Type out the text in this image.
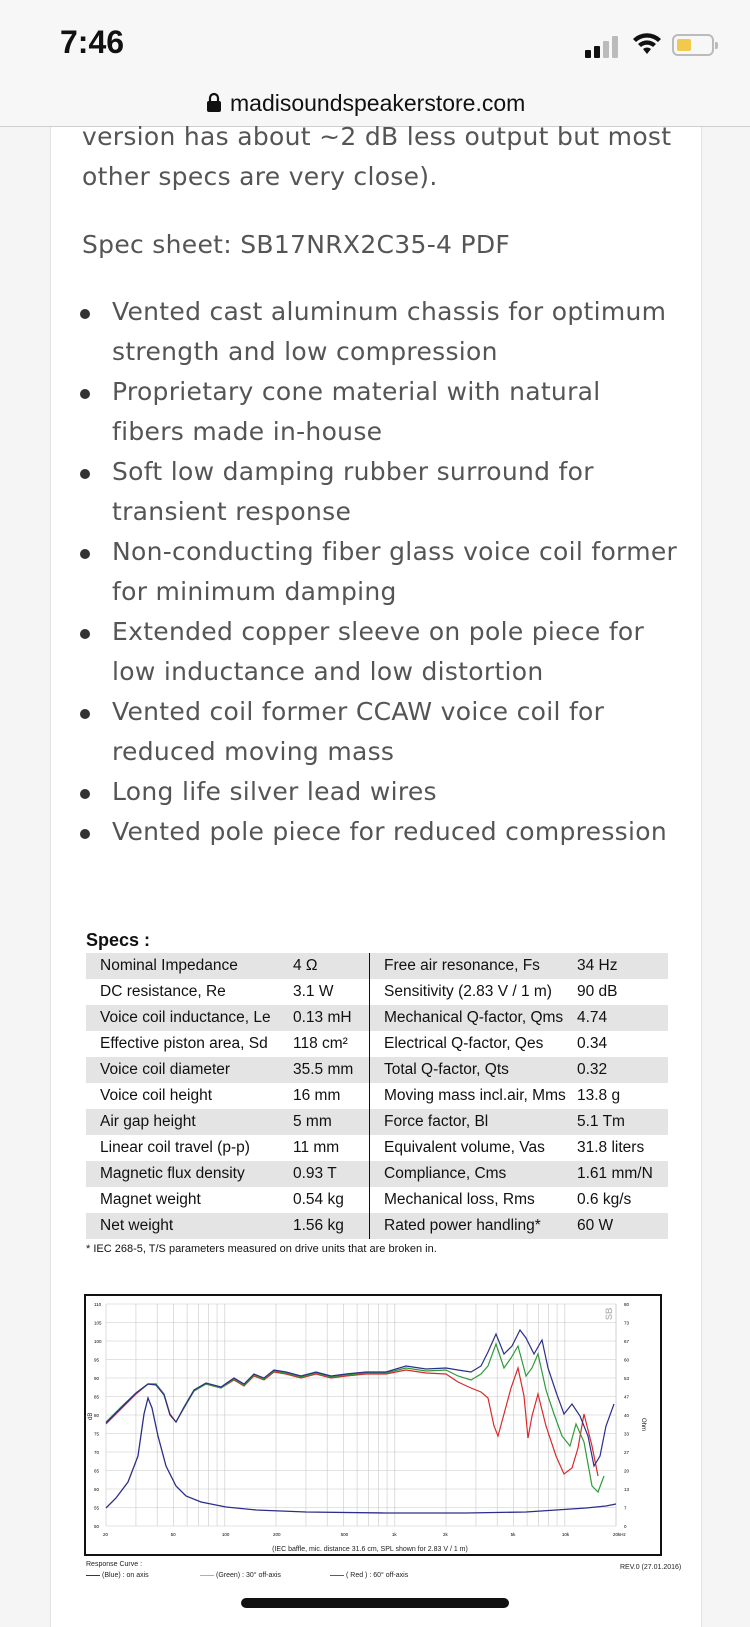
7:46
madisoundspeakerstore.com
version has about ~2 dB less output but most
other specs are very close).
Spec sheet: SB17NRX2C35-4 PDF
Vented cast aluminum chassis for optimum strength and low compression
Proprietary cone material with natural fibers made in-house
Soft low damping rubber surround for transient response
Non-conducting fiber glass voice coil former for minimum damping
Extended copper sleeve on pole piece for low inductance and low distortion
Vented coil former CCAW voice coil for reduced moving mass
Long life silver lead wires
Vented pole piece for reduced compression
Specs :
Nominal Impedance	4 Ω	Free air resonance, Fs	34 Hz
DC resistance, Re	3.1 W	Sensitivity (2.83 V / 1 m)	90 dB
Voice coil inductance, Le	0.13 mH	Mechanical Q-factor, Qms	4.74
Effective piston area, Sd	118 cm²	Electrical Q-factor, Qes	0.34
Voice coil diameter	35.5 mm	Total Q-factor, Qts	0.32
Voice coil height	16 mm	Moving mass incl.air, Mms	13.8 g
Air gap height	5 mm	Force factor, Bl	5.1 Tm
Linear coil travel (p-p)	11 mm	Equivalent volume, Vas	31.8 liters
Magnetic flux density	0.93 T	Compliance, Cms	1.61 mm/N
Magnet weight	0.54 kg	Mechanical loss, Rms	0.6 kg/s
Net weight	1.56 kg	Rated power handling*	60 W
* IEC 268-5, T/S parameters measured on drive units that are broken in.
110	80
105	73
100	67
95	60
90	53
85	47
80	40
75	33
70	27
65	20
60	13
55	7
50	0
20	50	100	200	500	1k	2k	5k	10k	20kHz
dB
Ohm
SB
(IEC baffle, mic. distance 31.6 cm, SPL shown for 2.83 V / 1 m)
Response Curve :	REV.0 (27.01.2016)
(Blue) : on axis	(Green) : 30° off-axis	( Red ) : 60° off-axis
